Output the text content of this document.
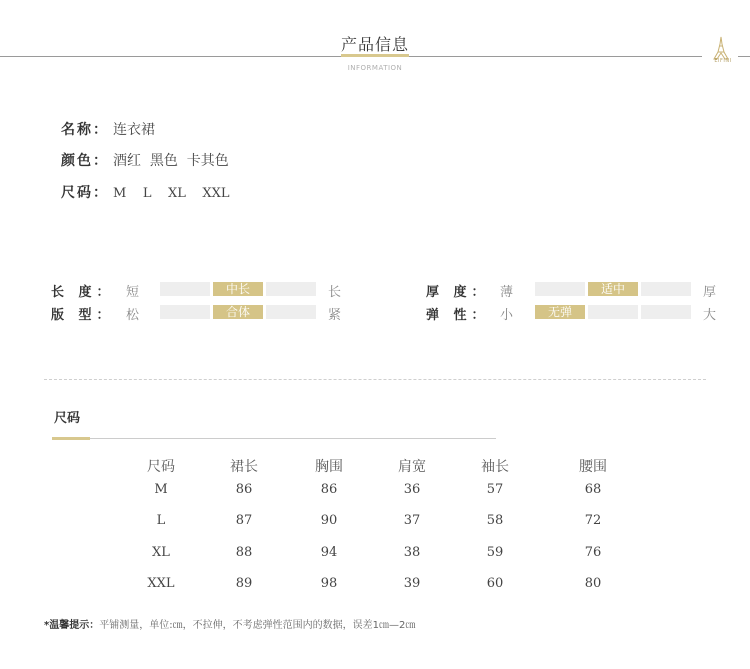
产品信息
INFORMATION
EIFINI
名称： 连衣裙
颜色： 酒红  黑色  卡其色
尺码： M    L    XL    XXL
长 度： 短	中长	长
版 型： 松	合体	紧
厚 度： 薄	适中	厚
弹 性： 小	无弹	大
尺码
尺码	裙长	胸围	肩宽	袖长	腰围
M	86	86	36	57	68
L	87	90	37	58	72
XL	88	94	38	59	76
XXL	89	98	39	60	80
*温馨提示：平铺测量，单位:㎝，不拉伸，不考虑弹性范围内的数据，误差1㎝—2㎝
